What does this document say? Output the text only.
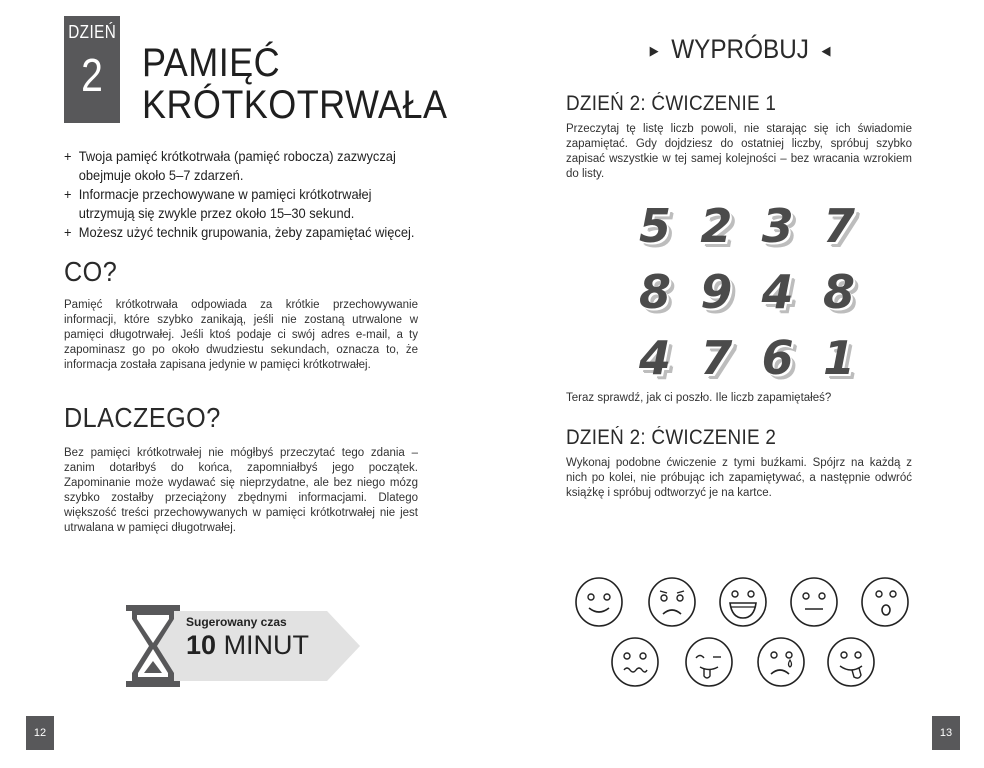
DZIEŃ
2 PAMIĘĆ
KRÓTKOTRWAŁA
+ Twoja pamięć krótkotrwała (pamięć robocza) zazwyczaj
obejmuje około 5–7 zdarzeń.
+ Informacje przechowywane w pamięci krótkotrwałej
utrzymują się zwykle przez około 15–30 sekund.
+ Możesz użyć technik grupowania, żeby zapamiętać więcej.
CO?

Pamięć krótkotrwała odpowiada za krótkie przechowywanie informacji, które szybko zanikają, jeśli nie zostaną utrwalone w pamięci długotrwałej. Jeśli ktoś podaje ci swój adres e-mail, a ty zapominasz go po około dwudziestu sekundach, oznacza to, że informacja została zapisana jedynie w pamięci krótkotrwałej.

DLACZEGO?

Bez pamięci krótkotrwałej nie mógłbyś przeczytać tego zdania – zanim dotarłbyś do końca, zapomniałbyś jego początek. Zapominanie może wydawać się nieprzydatne, ale bez niego mózg szybko zostałby przeciążony zbędnymi informacjami. Dlatego większość treści przechowywanych w pamięci krótkotrwałej nie jest utrwalana w pamięci długotrwałej.

Sugerowany czas
10 MINUT
12
▶ WYPRÓBUJ ◀
DZIEŃ 2: ĆWICZENIE 1

Przeczytaj tę listę liczb powoli, nie starając się ich świadomie zapamiętać. Gdy dojdziesz do ostatniej liczby, spróbuj szybko zapisać wszystkie w tej samej kolejności – bez wracania wzrokiem do listy.

5 2 3 7
8 9 4 8
4 7 6 1

Teraz sprawdź, jak ci poszło. Ile liczb zapamiętałeś?

DZIEŃ 2: ĆWICZENIE 2

Wykonaj podobne ćwiczenie z tymi buźkami. Spójrz na każdą z nich po kolei, nie próbując ich zapamiętywać, a następnie odwróć książkę i spróbuj odtworzyć je na kartce.

13
